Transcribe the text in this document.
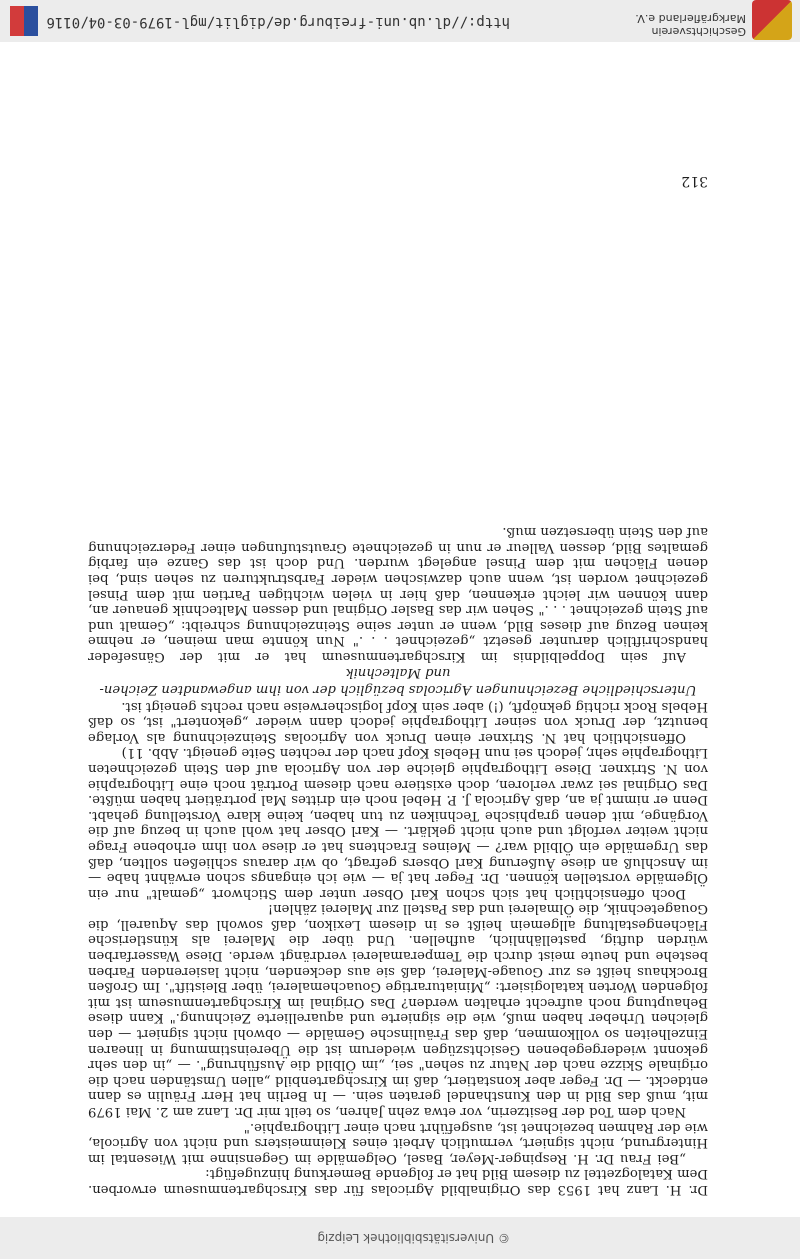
© Universitätsbibliothek Leipzig

Dr. H. Lanz hat 1953 das Originalbild Agricolas für das Kirschgartenmuseum erworben. Dem Katalogzettel zu diesem Bild hat er folgende Bemerkung hinzugefügt:

„Bei Frau Dr. H. Respinger-Meyer, Basel, Oelgemälde im Gegensinne mit Wiesental im Hintergrund, nicht signiert, vermutlich Arbeit eines Kleinmeisters und nicht von Agricola, wie der Rahmen bezeichnet ist, ausgeführt nach einer Lithographie."

Nach dem Tod der Besitzerin, vor etwa zehn Jahren, so teilt mir Dr. Lanz am 2. Mai 1979 mit, muß das Bild in den Kunsthandel geraten sein. — In Berlin hat Herr Fräulin es dann entdeckt. — Dr. Feger aber konstatiert, daß im Kirschgartenbild „allen Umständen nach die originale Skizze nach der Natur zu sehen" sei, „im Ölbild die Ausführung". — „in den sehr gekonnt wiedergegebenen Gesichtszügen wiederum ist die Übereinstimmung in linearen Einzelheiten so vollkommen, daß das Fräulinsche Gemälde — obwohl nicht signiert — den gleichen Urheber haben muß, wie die signierte und aquarellierte Zeichnung." Kann diese Behauptung noch aufrecht erhalten werden? Das Original im Kirschgartenmuseum ist mit folgenden Worten katalogisiert: „Miniaturartige Gouachemalerei, über Bleistift". Im Großen Brockhaus heißt es zur Gouage-Malerei, daß sie aus deckenden, nicht lasierenden Farben bestehe und heute meist durch die Temperamalerei verdrängt werde. Diese Wasserfarben würden duftig, pastellähnlich, aufhellen. Und über die Malerei als künstlerische Flächengestaltung allgemein heißt es in diesem Lexikon, daß sowohl das Aquarell, die Gouagetechnik, die Ölmalerei und das Pastell zur Malerei zählen!

Doch offensichtlich hat sich schon Karl Obser unter dem Stichwort „gemalt" nur ein Ölgemälde vorstellen können. Dr. Feger hat ja — wie ich eingangs schon erwähnt habe — im Anschluß an diese Äußerung Karl Obsers gefragt, ob wir daraus schließen sollten, daß das Urgemälde ein Ölbild war? — Meines Erachtens hat er diese von ihm erhobene Frage nicht weiter verfolgt und auch nicht geklärt. — Karl Obser hat wohl auch in bezug auf die Vorgänge, mit denen graphische Techniken zu tun haben, keine klare Vorstellung gehabt. Denn er nimmt ja an, daß Agricola J. P. Hebel noch ein drittes Mal porträtiert haben müßte. Das Original sei zwar verloren, doch existiere nach diesem Porträt noch eine Lithographie von N. Strixner. Diese Lithographie gleiche der von Agricola auf den Stein gezeichneten Lithographie sehr, jedoch sei nun Hebels Kopf nach der rechten Seite geneigt. Abb. 11)

Offensichtlich hat N. Strixner einen Druck von Agricolas Steinzeichnung als Vorlage benutzt, der Druck von seiner Lithographie jedoch dann wieder „gekontert" ist, so daß Hebels Rock richtig geknöpft, (!) aber sein Kopf logischerweise nach rechts geneigt ist.

Unterschiedliche Bezeichnungen Agricolas bezüglich der von ihm angewandten Zeichen- und Maltechnik

Auf sein Doppelbildnis im Kirschgartenmuseum hat er mit der Gänsefeder handschriftlich darunter gesetzt „gezeichnet . . ." Nun könnte man meinen, er nehme keinen Bezug auf dieses Bild, wenn er unter seine Steinzeichnung schreibt: „Gemalt und auf Stein gezeichnet . . ." Sehen wir das Basler Original und dessen Maltechnik genauer an, dann können wir leicht erkennen, daß hier in vielen wichtigen Partien mit dem Pinsel gezeichnet worden ist, wenn auch dazwischen wieder Farbstrukturen zu sehen sind, bei denen Flächen mit dem Pinsel angelegt wurden. Und doch ist das Ganze ein farbig gemaltes Bild, dessen Valleur er nun in gezeichnete Grautstufungen einer Federzeichnung auf den Stein übersetzen muß.

312
Geschichtsverein
Markgräflerland e.V.
http://dl.ub.uni-freiburg.de/diglit/mgl-1979-03-04/0116
